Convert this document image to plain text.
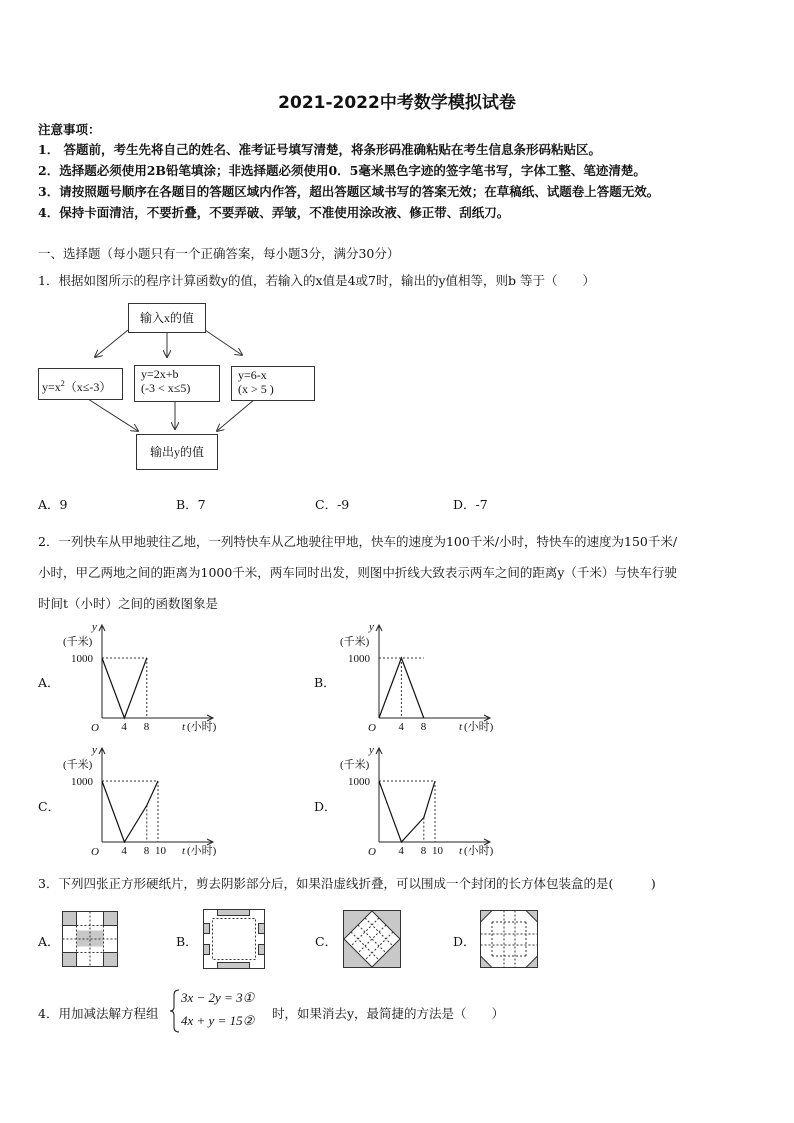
2021-2022中考数学模拟试卷
注意事项：
1． 答题前，考生先将自己的姓名、准考证号填写清楚，将条形码准确粘贴在考生信息条形码粘贴区。
2．选择题必须使用2B铅笔填涂；非选择题必须使用0．5毫米黑色字迹的签字笔书写，字体工整、笔迹清楚。
3．请按照题号顺序在各题目的答题区域内作答，超出答题区域书写的答案无效；在草稿纸、试题卷上答题无效。
4．保持卡面清洁，不要折叠，不要弄破、弄皱，不准使用涂改液、修正带、刮纸刀。
一、选择题（每小题只有一个正确答案，每小题3分，满分30分）
1．根据如图所示的程序计算函数y的值，若输入的x值是4或7时，输出的y值相等，则b 等于（　　）
输入x的值
$y=x^2(x\le-3)$
y=2x+b
(-3 < x≤5)
y=6-x
(x > 5 )
输出y的值
A．9	B．7	C．-9	D．-7
2．一列快车从甲地驶往乙地，一列特快车从乙地驶往甲地，快车的速度为100千米/小时，特快车的速度为150千米/
小时，甲乙两地之间的距离为1000千米，两车同时出发，则图中折线大致表示两车之间的距离y（千米）与快车行驶
时间t（小时）之间的函数图象是
A．	B．
C．	D．
y
(千米)
O	t (小时)
1000
4 8
y
(千米)
O	t (小时)
1000
4 8
y
(千米)
O	t (小时)
1000
4 8 10
y
(千米)
O	t (小时)
1000
4 8 10
3．下列四张正方形硬纸片，剪去阴影部分后，如果沿虚线折叠，可以围成一个封闭的长方体包装盒的是(　　　)
A．	B．	C．	D．
4．用加减法解方程组
3x − 2y = 3①
4x + y = 15② 时，如果消去y，最简捷的方法是（　　）
